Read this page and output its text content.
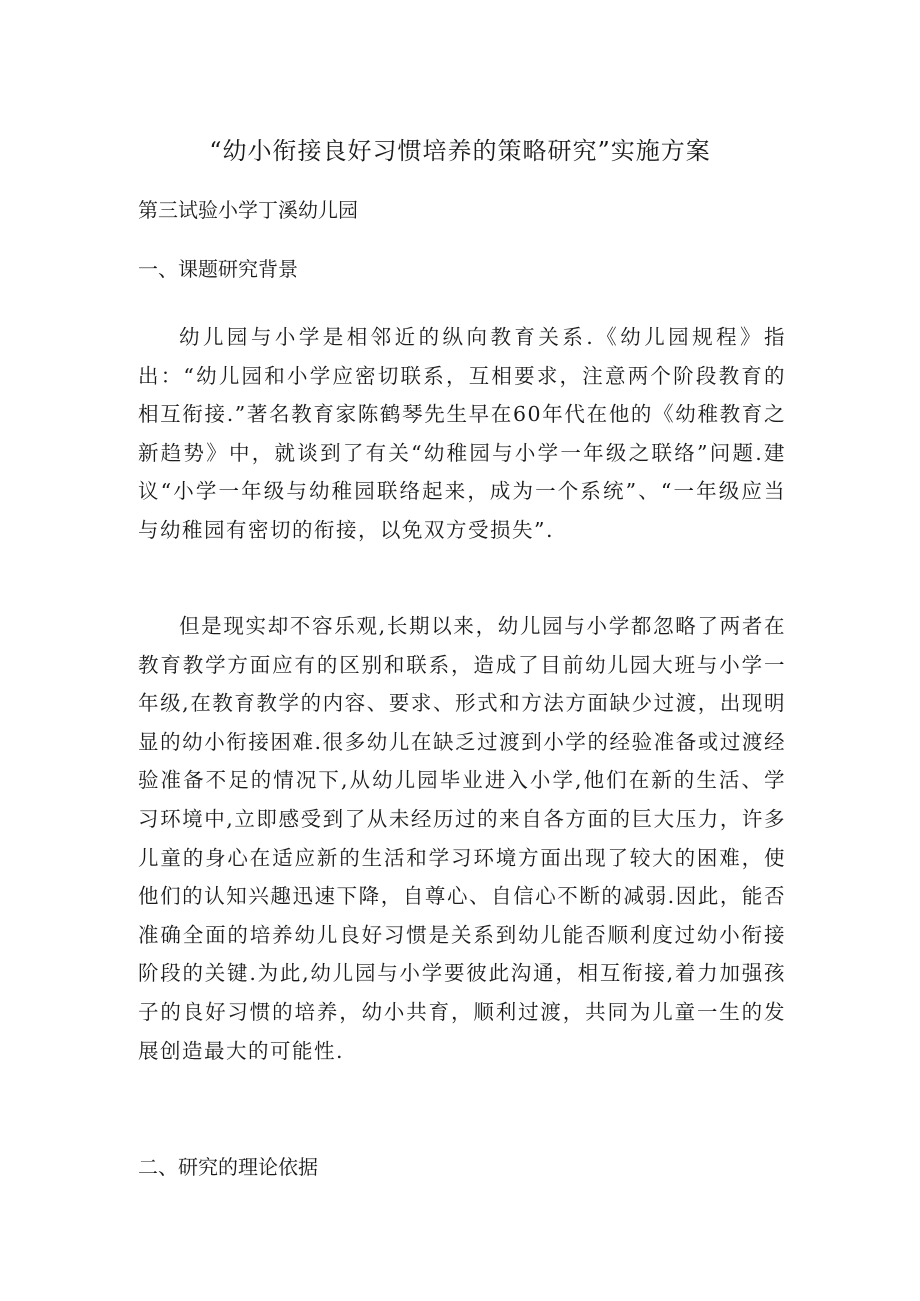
“幼小衔接良好习惯培养的策略研究”实施方案

第三试验小学丁溪幼儿园

一、课题研究背景

幼儿园与小学是相邻近的纵向教育关系.《幼儿园规程》指出：“幼儿园和小学应密切联系，互相要求，注意两个阶段教育的相互衔接.”著名教育家陈鹤琴先生早在60年代在他的《幼稚教育之新趋势》中，就谈到了有关“幼稚园与小学一年级之联络”问题.建议“小学一年级与幼稚园联络起来，成为一个系统”、“一年级应当与幼稚园有密切的衔接，以免双方受损失”.

但是现实却不容乐观,长期以来，幼儿园与小学都忽略了两者在教育教学方面应有的区别和联系，造成了目前幼儿园大班与小学一年级,在教育教学的内容、要求、形式和方法方面缺少过渡，出现明显的幼小衔接困难.很多幼儿在缺乏过渡到小学的经验准备或过渡经验准备不足的情况下,从幼儿园毕业进入小学,他们在新的生活、学习环境中,立即感受到了从未经历过的来自各方面的巨大压力，许多儿童的身心在适应新的生活和学习环境方面出现了较大的困难，使他们的认知兴趣迅速下降，自尊心、自信心不断的减弱.因此，能否准确全面的培养幼儿良好习惯是关系到幼儿能否顺利度过幼小衔接阶段的关键.为此,幼儿园与小学要彼此沟通，相互衔接,着力加强孩子的良好习惯的培养，幼小共育，顺利过渡，共同为儿童一生的发展创造最大的可能性.

二、研究的理论依据
